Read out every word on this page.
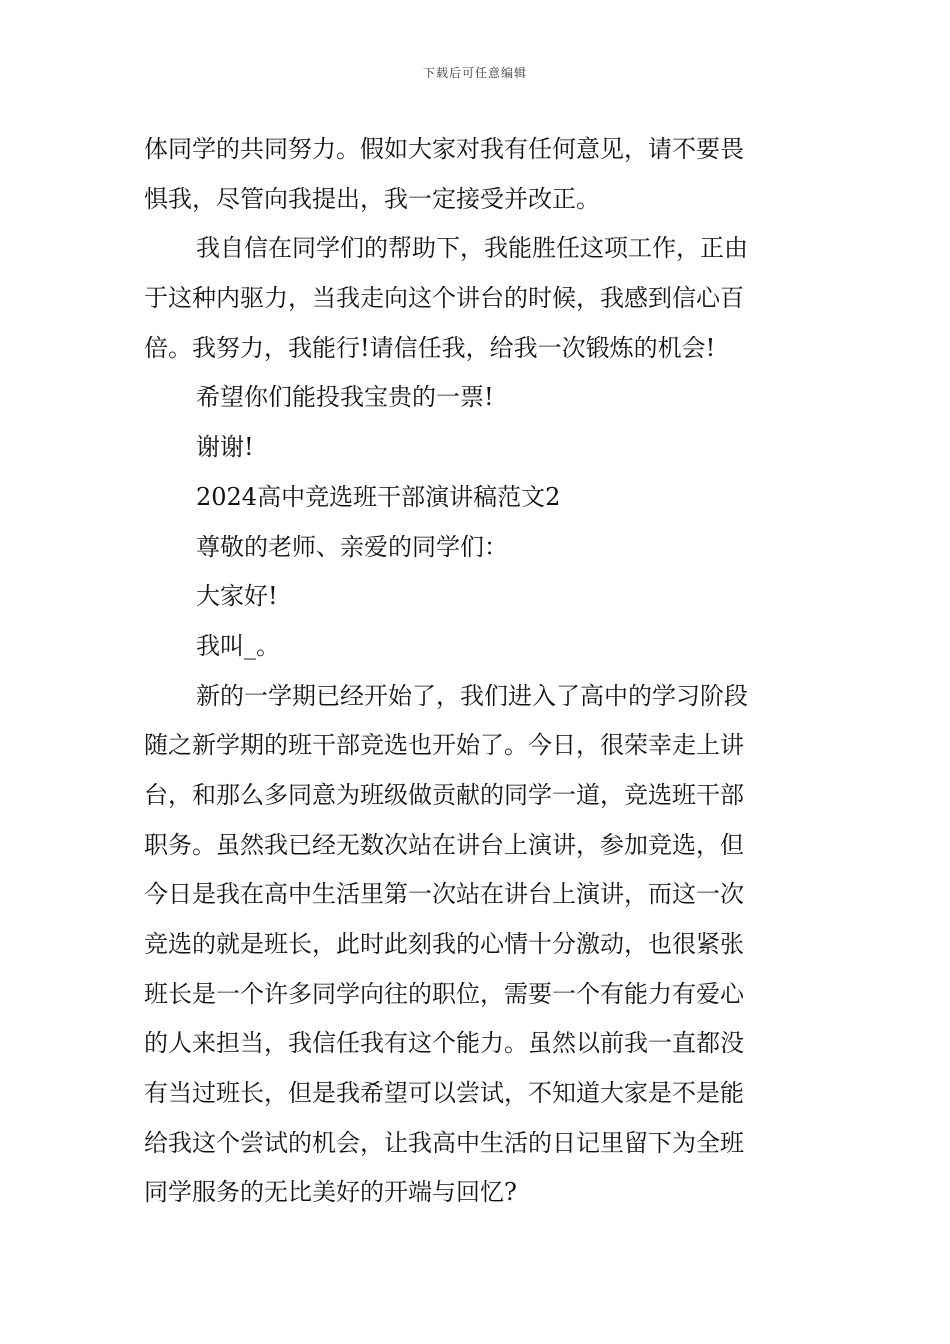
下载后可任意编辑
体同学的共同努力。假如大家对我有任何意见，请不要畏
惧我，尽管向我提出，我一定接受并改正。
我自信在同学们的帮助下，我能胜任这项工作，正由
于这种内驱力，当我走向这个讲台的时候，我感到信心百
倍。我努力，我能行!请信任我，给我一次锻炼的机会!
希望你们能投我宝贵的一票!
谢谢!
2024高中竞选班干部演讲稿范文2
尊敬的老师、亲爱的同学们：
大家好!
我叫_。
新的一学期已经开始了，我们进入了高中的学习阶段
随之新学期的班干部竞选也开始了。今日，很荣幸走上讲
台，和那么多同意为班级做贡献的同学一道，竞选班干部
职务。虽然我已经无数次站在讲台上演讲，参加竞选，但
今日是我在高中生活里第一次站在讲台上演讲，而这一次
竞选的就是班长，此时此刻我的心情十分激动，也很紧张
班长是一个许多同学向往的职位，需要一个有能力有爱心
的人来担当，我信任我有这个能力。虽然以前我一直都没
有当过班长，但是我希望可以尝试，不知道大家是不是能
给我这个尝试的机会，让我高中生活的日记里留下为全班
同学服务的无比美好的开端与回忆?
